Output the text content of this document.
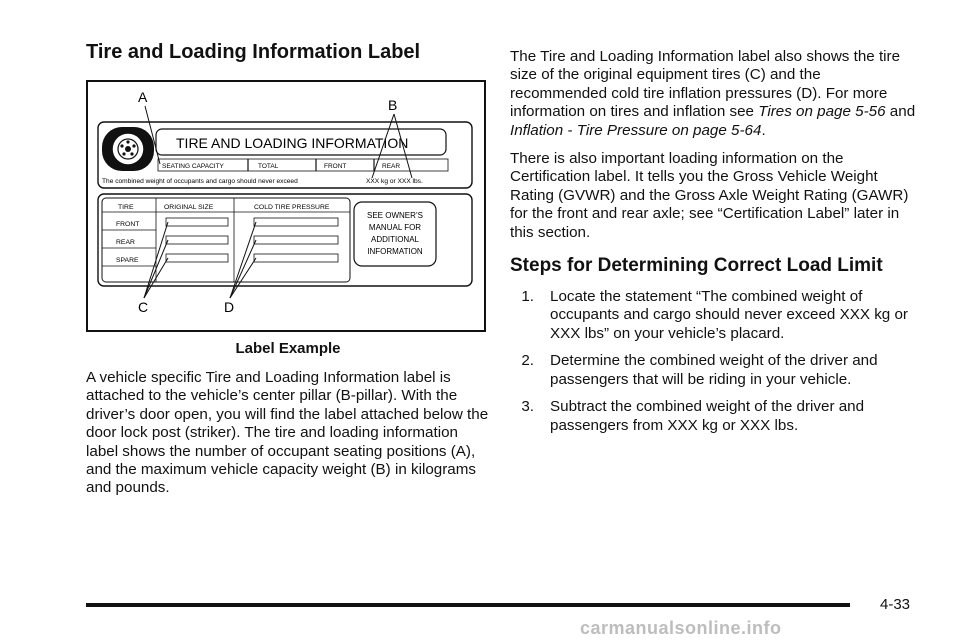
Tire and Loading Information Label
A	B
C	D
TIRE AND LOADING INFORMATION
SEATING CAPACITY	TOTAL	FRONT	REAR
The combined weight of occupants and cargo should never exceed	XXX kg or XXX lbs.
TIRE	ORIGINAL SIZE	COLD TIRE PRESSURE
FRONT
REAR
SPARE
SEE OWNER’S
MANUAL FOR
ADDITIONAL
INFORMATION
Label Example

A vehicle specific Tire and Loading Information label is attached to the vehicle’s center pillar (B-pillar). With the driver’s door open, you will find the label attached below the door lock post (striker). The tire and loading information label shows the number of occupant seating positions (A), and the maximum vehicle capacity weight (B) in kilograms and pounds.

The Tire and Loading Information label also shows the tire size of the original equipment tires (C) and the recommended cold tire inflation pressures (D). For more information on tires and inflation see Tires on page 5-56 and Inflation - Tire Pressure on page 5-64.

There is also important loading information on the Certification label. It tells you the Gross Vehicle Weight Rating (GVWR) and the Gross Axle Weight Rating (GAWR) for the front and rear axle; see “Certification Label” later in this section.

Steps for Determining Correct Load Limit
1.	Locate the statement “The combined weight of occupants and cargo should never exceed XXX kg or XXX lbs” on your vehicle’s placard.
2.	Determine the combined weight of the driver and passengers that will be riding in your vehicle.
3.	Subtract the combined weight of the driver and passengers from XXX kg or XXX lbs.
4-33
carmanualsonline.info
